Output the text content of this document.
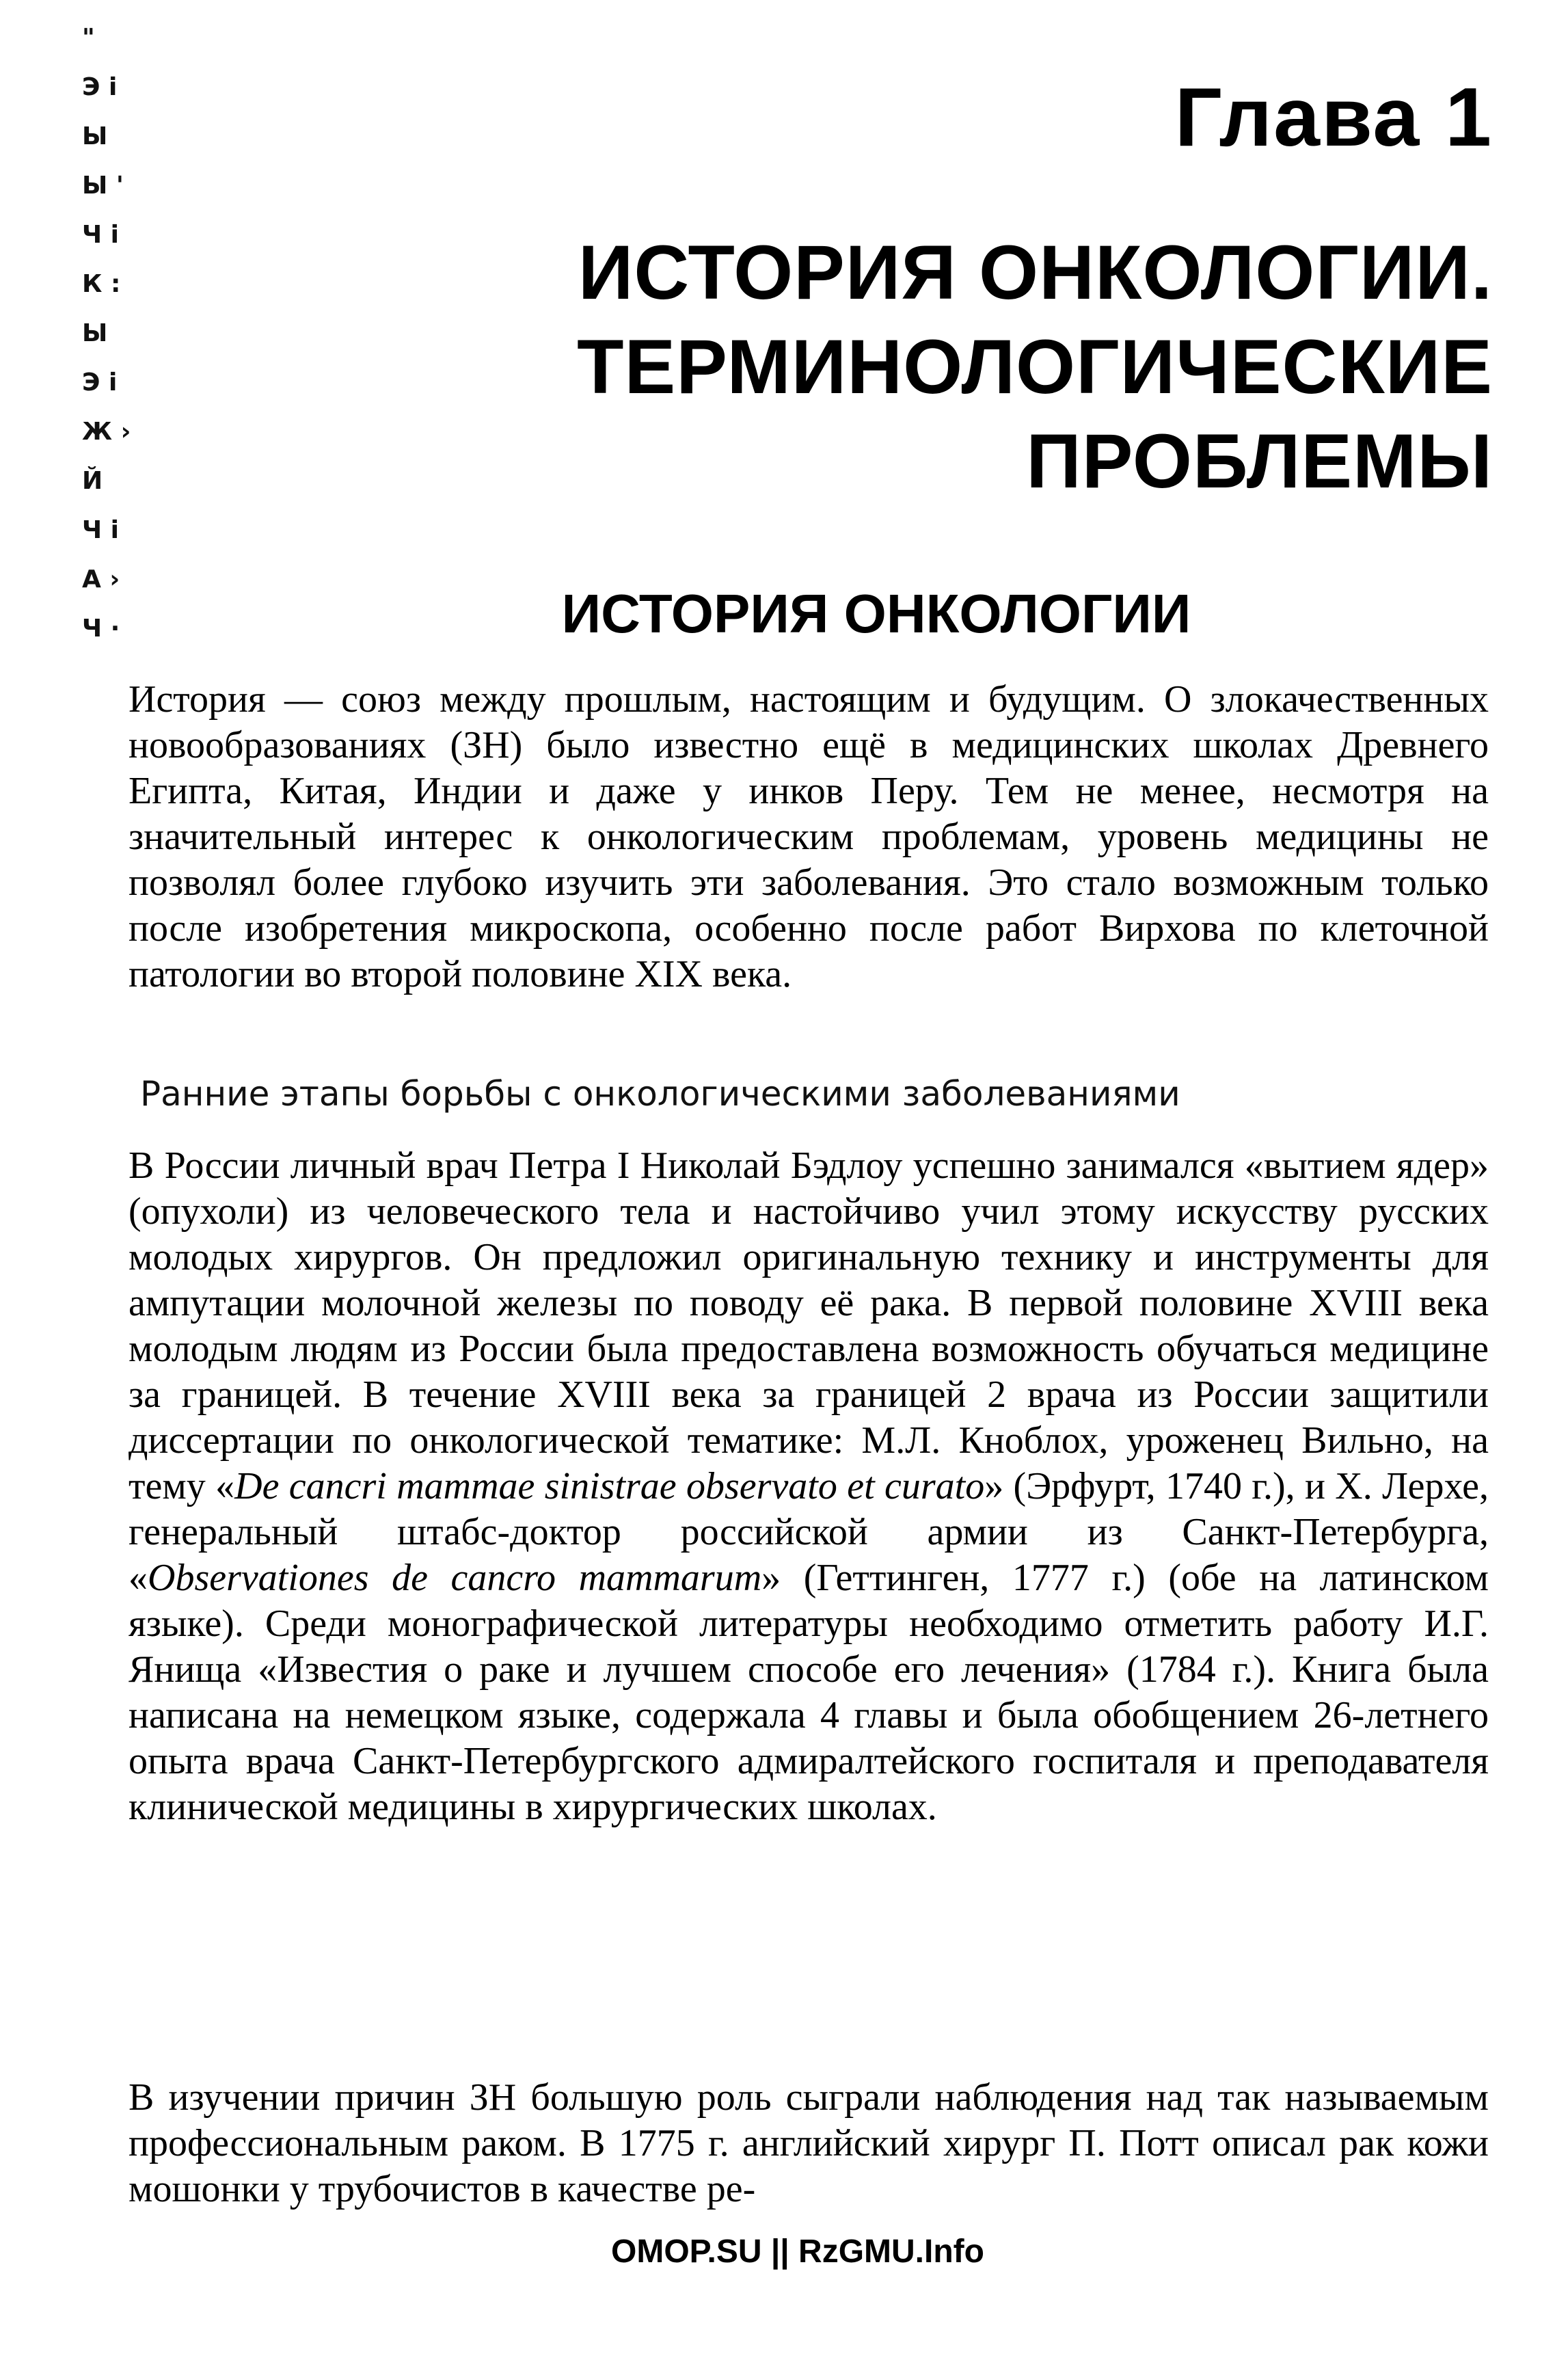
"
Э і
Ы
Ы '
Ч і
К :
Ы
Э і
Ж ›
Й
Ч і
А ›
Ч ·
Глава 1
ИСТОРИЯ ОНКОЛОГИИ.
ТЕРМИНОЛОГИЧЕСКИЕ
ПРОБЛЕМЫ
ИСТОРИЯ ОНКОЛОГИИ

История — союз между прошлым, настоящим и будущим. О злокачественных новообразованиях (ЗН) было известно ещё в медицинских школах Древнего Египта, Китая, Индии и даже у инков Перу. Тем не менее, несмотря на значительный интерес к онкологическим проблемам, уровень медицины не позволял более глубоко изучить эти заболевания. Это стало возможным только после изобретения микроскопа, особенно после работ Вирхова по клеточной патологии во второй половине XIX века.

Ранние этапы борьбы с онкологическими заболеваниями

В России личный врач Петра I Николай Бэдлоу успешно занимался «вытием ядер» (опухоли) из человеческого тела и настойчиво учил этому искусству русских молодых хирургов. Он предложил оригинальную технику и инструменты для ампутации молочной железы по поводу её рака. В первой половине XVIII века молодым людям из России была предоставлена возможность обучаться медицине за границей. В течение XVIII века за границей 2 врача из России защитили диссертации по онкологической тематике: М.Л. Кноблох, уроженец Вильно, на тему «De cancri mammae sinistrae observato et curato» (Эрфурт, 1740 г.), и Х. Лерхе, генеральный штабс-доктор российской армии из Санкт-Петербурга, «Observationes de cancro mammarum» (Геттинген, 1777 г.) (обе на латинском языке). Среди монографической литературы необходимо отметить работу И.Г. Янища «Известия о раке и лучшем способе его лечения» (1784 г.). Книга была написана на немецком языке, содержала 4 главы и была обобщением 26-летнего опыта врача Санкт-Петербургского адмиралтейского госпиталя и преподавателя клинической медицины в хирургических школах.

В изучении причин ЗН большую роль сыграли наблюдения над так называемым профессиональным раком. В 1775 г. английский хирург П. Потт описал рак кожи мошонки у трубочистов в качестве ре-

OMOP.SU || RzGMU.Info
